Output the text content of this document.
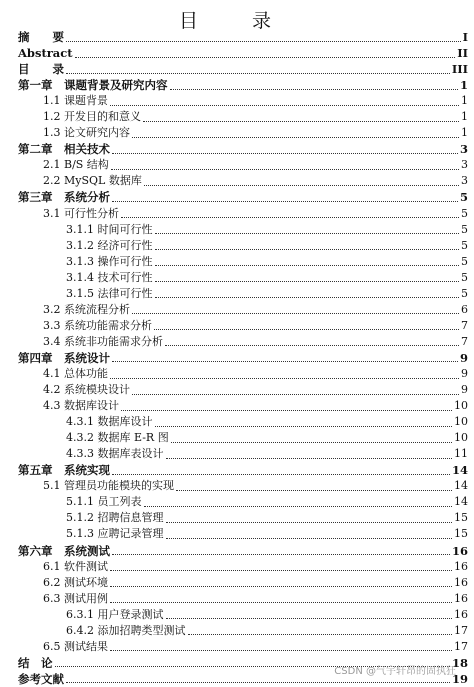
目 录
摘　　要	I
Abstract	II
目　　录	III
第一章　课题背景及研究内容	1
1.1 课题背景	1
1.2 开发目的和意义	1
1.3 论文研究内容	1
第二章　相关技术	3
2.1 B/S 结构	3
2.2 MySQL 数据库	3
第三章　系统分析	5
3.1 可行性分析	5
3.1.1 时间可行性	5
3.1.2 经济可行性	5
3.1.3 操作可行性	5
3.1.4 技术可行性	5
3.1.5 法律可行性	5
3.2 系统流程分析	6
3.3 系统功能需求分析	7
3.4 系统非功能需求分析	7
第四章　系统设计	9
4.1 总体功能	9
4.2 系统模块设计	9
4.3 数据库设计	10
4.3.1 数据库设计	10
4.3.2 数据库 E-R 图	10
4.3.3 数据库表设计	11
第五章　系统实现	14
5.1 管理员功能模块的实现	14
5.1.1 员工列表	14
5.1.2 招聘信息管理	15
5.1.3 应聘记录管理	15
第六章　系统测试	16
6.1 软件测试	16
6.2 测试环境	16
6.3 测试用例	16
6.3.1 用户登录测试	16
6.4.2 添加招聘类型测试	17
6.5 测试结果	17
结　论	18
参考文献	19
CSDN @气宇轩昂的固执狂
